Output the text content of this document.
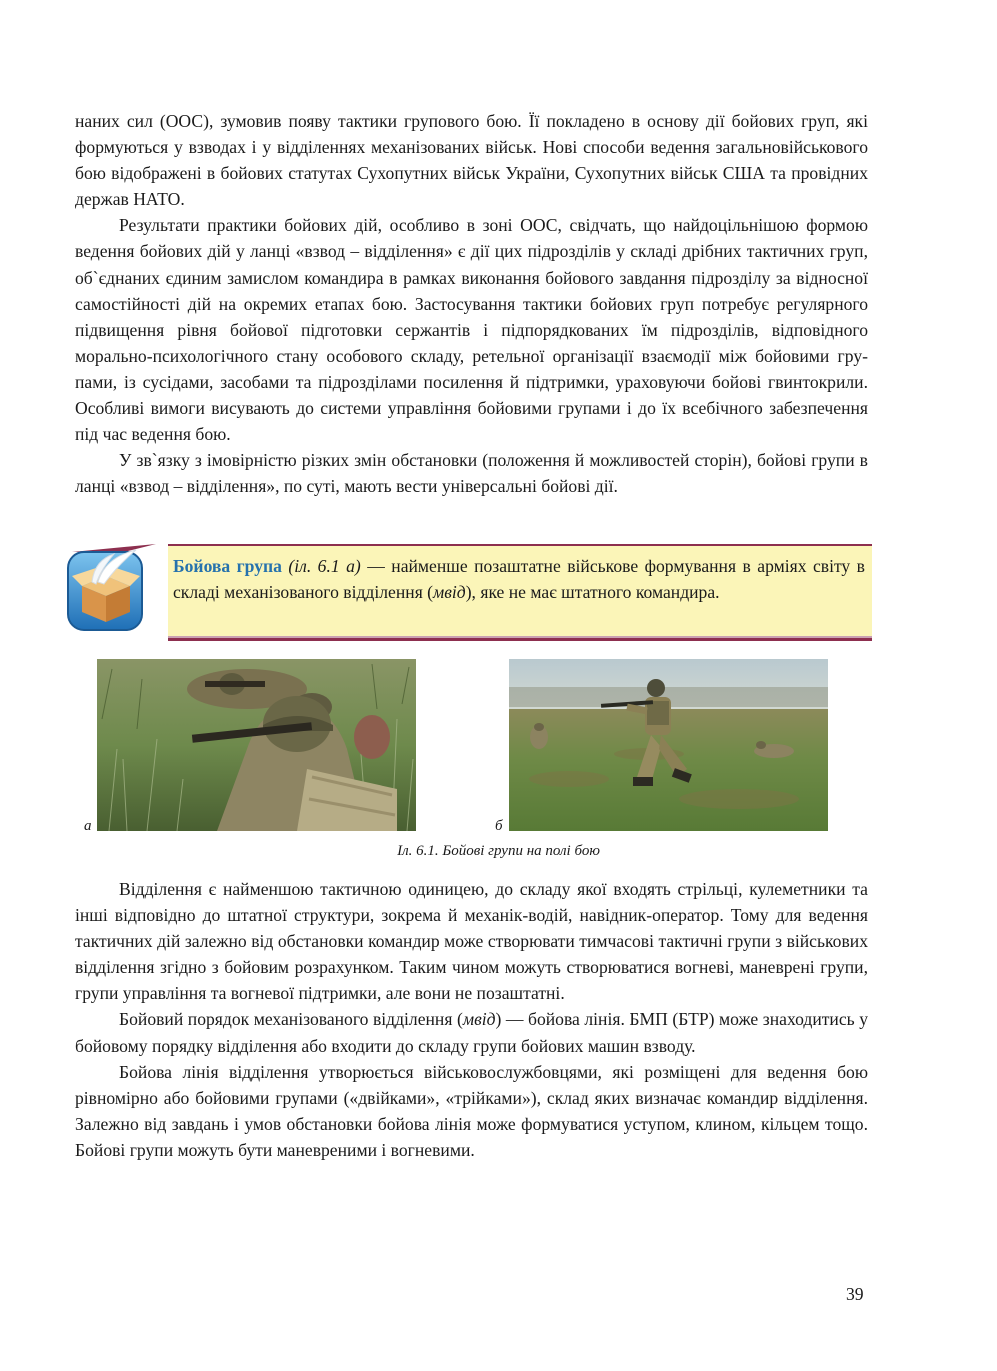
наних сил (ООС), зумовив появу тактики групового бою. Її покладено в основу дії бойових груп, які формуються у взводах і у відділеннях механізованих військ. Нові способи ведення загальновійськового бою відображені в бойових статутах Сухопутних військ України, Сухопутних військ США та провідних держав НАТО.

Результати практики бойових дій, особливо в зоні ООС, свідчать, що найдоцільнішою формою ведення бойових дій у ланці «взвод – відділення» є дії цих підрозділів у складі дрібних тактичних груп, об`єднаних єдиним замислом командира в рамках виконання бойового завдання підрозділу за відносної самостійності дій на окремих етапах бою. Застосування тактики бойових груп потребує регулярного підвищення рівня бойової підготовки сержантів і підпорядкованих їм підрозділів, відповідного морально-психологічного стану особового складу, ретельної організації взаємодії між бойовими групами, із сусідами, засобами та підрозділами посилення й підтримки, ураховуючи бойові гвинтокрили. Особливі вимоги висувають до системи управління бойовими групами і до їх всебічного забезпечення під час ведення бою.

У зв`язку з імовірністю різких змін обстановки (положення й можливостей сторін), бойові групи в ланці «взвод – відділення», по суті, мають вести універсальні бойові дії.

Бойова група (іл. 6.1 а) — найменше позаштатне військове формування в арміях світу в складі механізованого відділення (мвід), яке не має штатного командира.
а	б
Іл. 6.1. Бойові групи на полі бою

Відділення є найменшою тактичною одиницею, до складу якої входять стрільці, кулеметники та інші відповідно до штатної структури, зокрема й механік-водій, навідник-оператор. Тому для ведення тактичних дій залежно від обстановки командир може створювати тимчасові тактичні групи з військових відділення згідно з бойовим розрахунком. Таким чином можуть створюватися вогневі, маневрені групи, групи управління та вогневої підтримки, але вони не позаштатні.

Бойовий порядок механізованого відділення (мвід) — бойова лінія. БМП (БТР) може знаходитись у бойовому порядку відділення або входити до складу групи бойових машин взводу.

Бойова лінія відділення утворюється військовослужбовцями, які розміщені для ведення бою рівномірно або бойовими групами («двійками», «трійками»), склад яких визначає командир відділення. Залежно від завдань і умов обстановки бойова лінія може формуватися уступом, клином, кільцем тощо. Бойові групи можуть бути маневреними і вогневими.

39
